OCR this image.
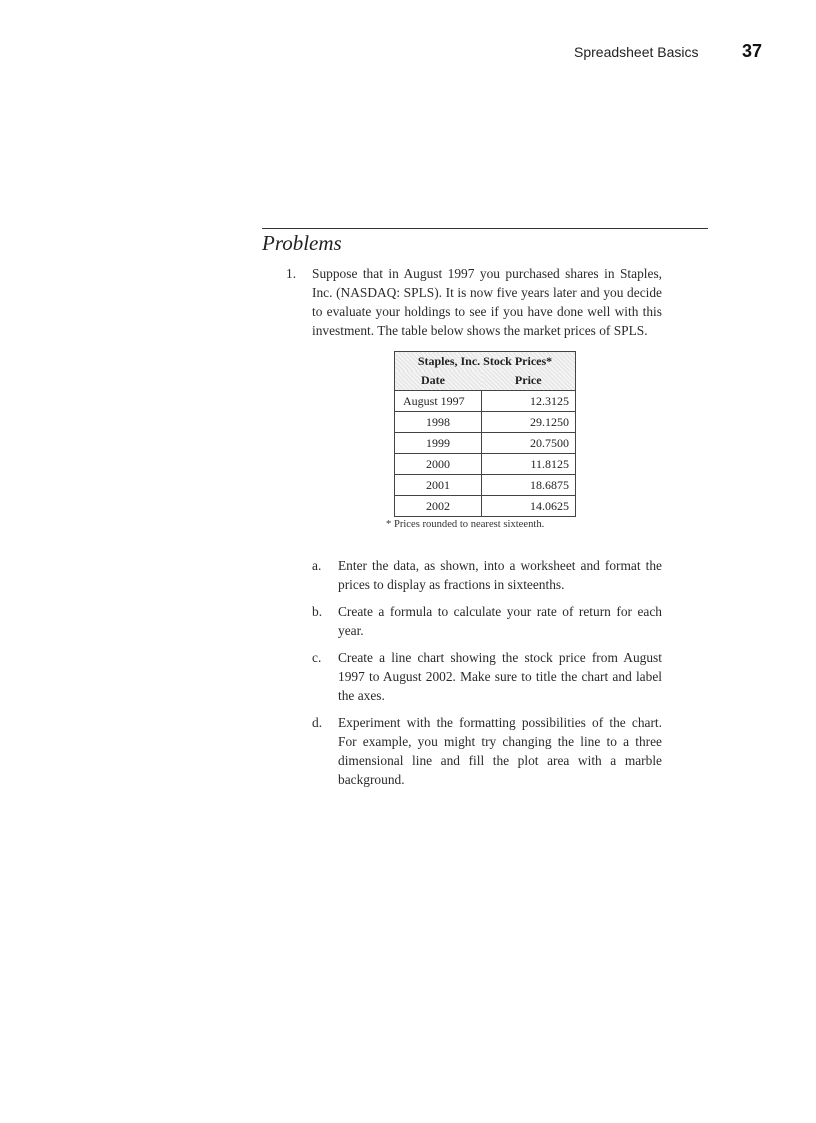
Spreadsheet Basics 37
Problems
1. Suppose that in August 1997 you purchased shares in Staples, Inc. (NASDAQ: SPLS). It is now five years later and you decide to evaluate your holdings to see if you have done well with this investment. The table below shows the market prices of SPLS.
Staples, Inc. Stock Prices*	
Date	Price
August 1997	12.3125
1998	29.1250
1999	20.7500
2000	11.8125
2001	18.6875
2002	14.0625
* Prices rounded to nearest sixteenth.
a. Enter the data, as shown, into a worksheet and format the prices to display as fractions in sixteenths.
b. Create a formula to calculate your rate of return for each year.
c. Create a line chart showing the stock price from August 1997 to August 2002. Make sure to title the chart and label the axes.
d. Experiment with the formatting possibilities of the chart. For example, you might try changing the line to a three dimensional line and fill the plot area with a marble background.
